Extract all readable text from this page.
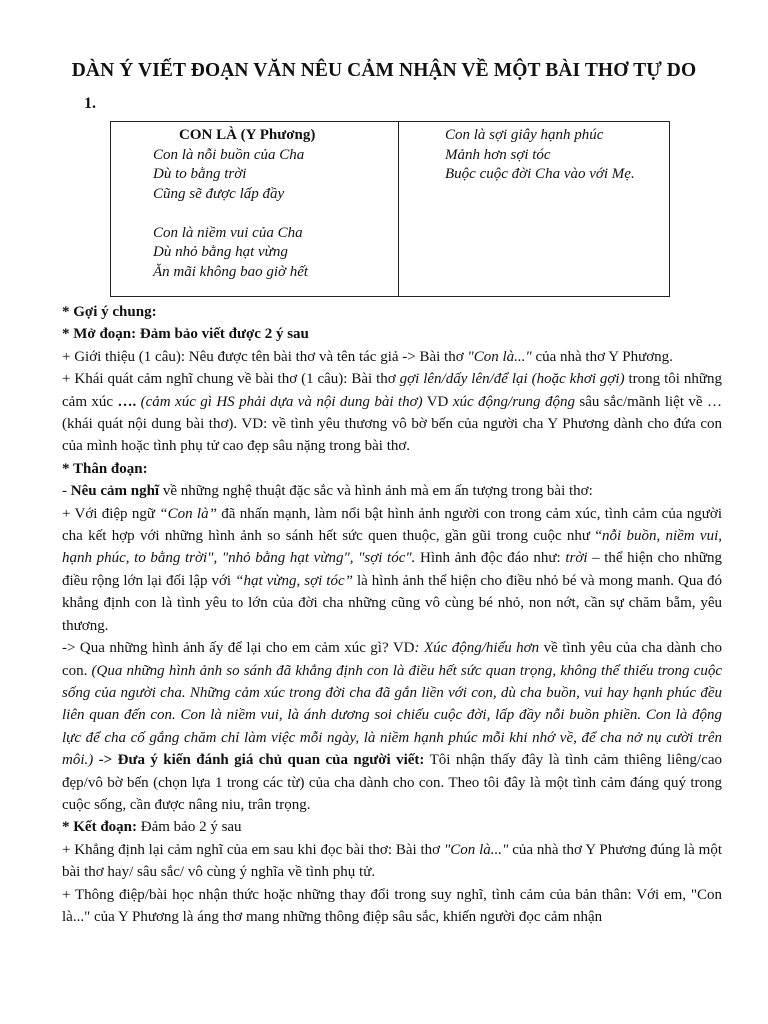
DÀN Ý VIẾT ĐOẠN VĂN NÊU CẢM NHẬN VỀ MỘT BÀI THƠ TỰ DO
1.
CON LÀ (Y Phương)
Con là nỗi buồn của Cha
Dù to bằng trời
Cũng sẽ được lấp đầy
Con là niềm vui của Cha
Dù nhỏ bằng hạt vừng
Ăn mãi không bao giờ hết
Con là sợi giây hạnh phúc
Mảnh hơn sợi tóc
Buộc cuộc đời Cha vào với Mẹ.

* Gợi ý chung:

* Mở đoạn: Đảm bảo viết được 2 ý sau

+ Giới thiệu (1 câu): Nêu được tên bài thơ và tên tác giả -> Bài thơ "Con là..." của nhà thơ Y Phương.

+ Khái quát cảm nghĩ chung về bài thơ (1 câu): Bài thơ gợi lên/dấy lên/để lại (hoặc khơi gợi) trong tôi những cảm xúc …. (cảm xúc gì HS phải dựa và nội dung bài thơ) VD xúc động/rung động sâu sắc/mãnh liệt về … (khái quát nội dung bài thơ). VD: về tình yêu thương vô bờ bến của người cha Y Phương dành cho đứa con của mình hoặc tình phụ tử cao đẹp sâu nặng trong bài thơ.

* Thân đoạn:

- Nêu cảm nghĩ về những nghệ thuật đặc sắc và hình ảnh mà em ấn tượng trong bài thơ:

+ Với điệp ngữ “Con là” đã nhấn mạnh, làm nổi bật hình ảnh người con trong cảm xúc, tình cảm của người cha kết hợp với những hình ảnh so sánh hết sức quen thuộc, gần gũi trong cuộc như “nỗi buồn, niềm vui, hạnh phúc, to bằng trời", "nhỏ bằng hạt vừng", "sợi tóc". Hình ảnh độc đáo như: trời – thể hiện cho những điều rộng lớn lại đối lập với “hạt vừng, sợi tóc” là hình ảnh thể hiện cho điều nhỏ bé và mong manh. Qua đó khẳng định con là tình yêu to lớn của đời cha những cũng vô cùng bé nhỏ, non nớt, cần sự chăm bẵm, yêu thương.

-> Qua những hình ảnh ấy để lại cho em cảm xúc gì? VD: Xúc động/hiểu hơn về tình yêu của cha dành cho con. (Qua những hình ảnh so sánh đã khẳng định con là điều hết sức quan trọng, không thể thiếu trong cuộc sống của người cha. Những cảm xúc trong đời cha đã gắn liền với con, dù cha buồn, vui hay hạnh phúc đều liên quan đến con. Con là niềm vui, là ánh dương soi chiếu cuộc đời, lấp đầy nỗi buồn phiền. Con là động lực để cha cố gắng chăm chỉ làm việc mỗi ngày, là niềm hạnh phúc mỗi khi nhớ về, để cha nở nụ cười trên môi.) -> Đưa ý kiến đánh giá chủ quan của người viết: Tôi nhận thấy đây là tình cảm thiêng liêng/cao đẹp/vô bờ bến (chọn lựa 1 trong các từ) của cha dành cho con. Theo tôi đây là một tình cảm đáng quý trong cuộc sống, cần được nâng niu, trân trọng.

* Kết đoạn: Đảm bảo 2 ý sau

+ Khẳng định lại cảm nghĩ của em sau khi đọc bài thơ: Bài thơ "Con là..." của nhà thơ Y Phương đúng là một bài thơ hay/ sâu sắc/ vô cùng ý nghĩa về tình phụ tử.

+ Thông điệp/bài học nhận thức hoặc những thay đổi trong suy nghĩ, tình cảm của bản thân: Với em, "Con là..." của Y Phương là áng thơ mang những thông điệp sâu sắc, khiến người đọc cảm nhận
